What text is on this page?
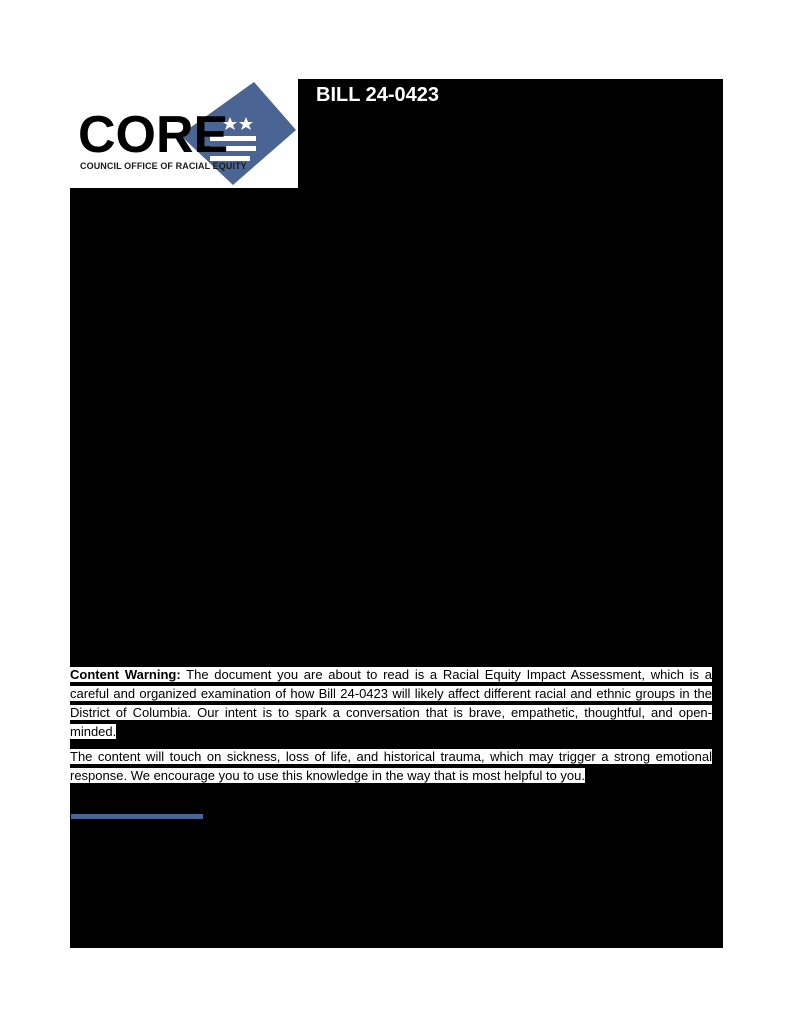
CORE
COUNCIL OFFICE OF RACIAL EQUITY
BILL 24-0423

Content Warning: The document you are about to read is a Racial Equity Impact Assessment, which is a careful and organized examination of how Bill 24-0423 will likely affect different racial and ethnic groups in the District of Columbia. Our intent is to spark a conversation that is brave, empathetic, thoughtful, and open-minded.

The content will touch on sickness, loss of life, and historical trauma, which may trigger a strong emotional response. We encourage you to use this knowledge in the way that is most helpful to you.
